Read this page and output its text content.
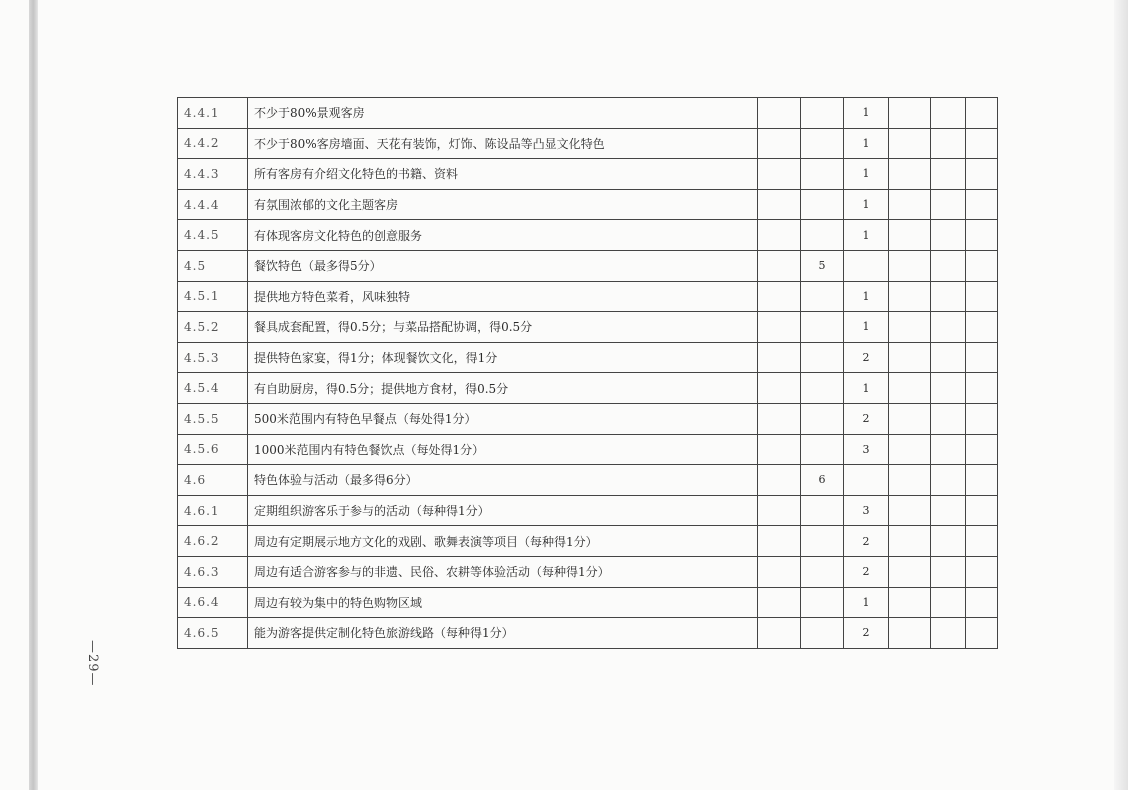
4.4.1	不少于80%景观客房			1			
4.4.2	不少于80%客房墙面、天花有装饰，灯饰、陈设品等凸显文化特色			1			
4.4.3	所有客房有介绍文化特色的书籍、资料			1			
4.4.4	有氛围浓郁的文化主题客房			1			
4.4.5	有体现客房文化特色的创意服务			1			
4.5	餐饮特色（最多得5分）		5				
4.5.1	提供地方特色菜肴，风味独特			1			
4.5.2	餐具成套配置，得0.5分；与菜品搭配协调，得0.5分			1			
4.5.3	提供特色家宴，得1分；体现餐饮文化，得1分			2			
4.5.4	有自助厨房，得0.5分；提供地方食材，得0.5分			1			
4.5.5	500米范围内有特色早餐点（每处得1分）			2			
4.5.6	1000米范围内有特色餐饮点（每处得1分）			3			
4.6	特色体验与活动（最多得6分）		6				
4.6.1	定期组织游客乐于参与的活动（每种得1分）			3			
4.6.2	周边有定期展示地方文化的戏剧、歌舞表演等项目（每种得1分）			2			
4.6.3	周边有适合游客参与的非遗、民俗、农耕等体验活动（每种得1分）			2			
4.6.4	周边有较为集中的特色购物区域			1			
4.6.5	能为游客提供定制化特色旅游线路（每种得1分）			2			
—29—
